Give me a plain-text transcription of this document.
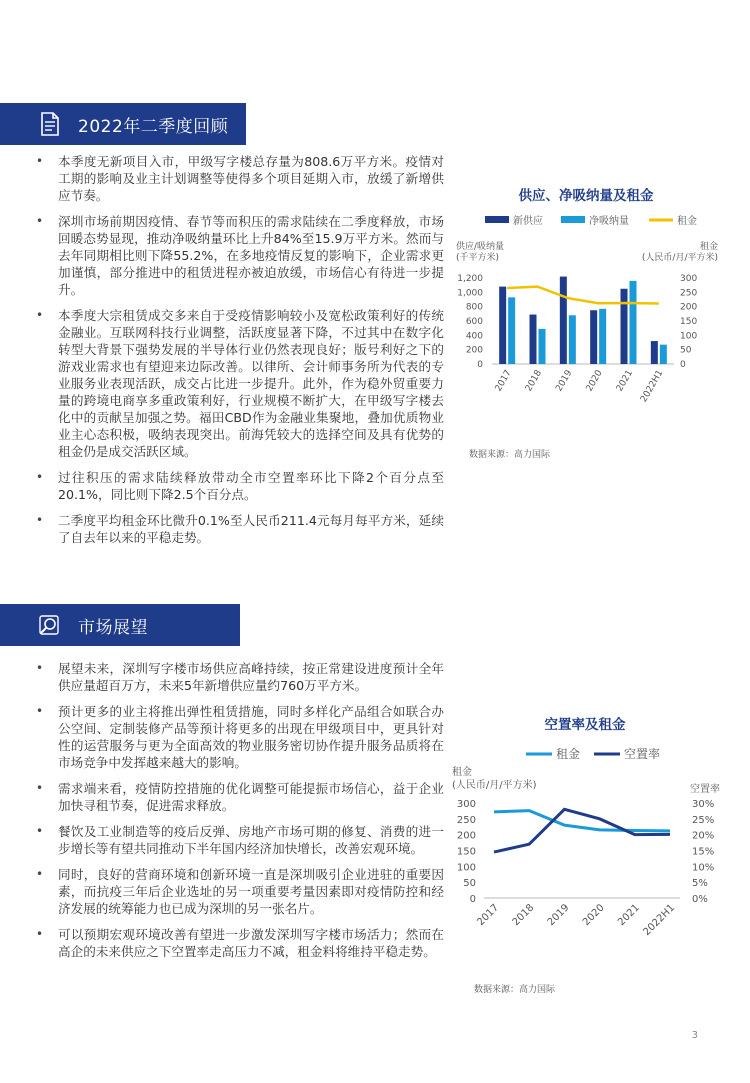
2022年二季度回顾
• 本季度无新项目入市，甲级写字楼总存量为808.6万平方米。疫情对工期的影响及业主计划调整等使得多个项目延期入市，放缓了新增供应节奏。
• 深圳市场前期因疫情、春节等而积压的需求陆续在二季度释放，市场回暖态势显现，推动净吸纳量环比上升84%至15.9万平方米。然而与去年同期相比则下降55.2%，在多地疫情反复的影响下，企业需求更加谨慎，部分推进中的租赁进程亦被迫放缓，市场信心有待进一步提升。
• 本季度大宗租赁成交多来自于受疫情影响较小及宽松政策利好的传统金融业。互联网科技行业调整，活跃度显著下降，不过其中在数字化转型大背景下强势发展的半导体行业仍然表现良好；版号利好之下的游戏业需求也有望迎来边际改善。以律所、会计师事务所为代表的专业服务业表现活跃，成交占比进一步提升。此外，作为稳外贸重要力量的跨境电商享多重政策利好，行业规模不断扩大，在甲级写字楼去化中的贡献呈加强之势。福田CBD作为金融业集聚地，叠加优质物业业主心态积极，吸纳表现突出。前海凭较大的选择空间及具有优势的租金仍是成交活跃区域。
• 过往积压的需求陆续释放带动全市空置率环比下降2个百分点至20.1%，同比则下降2.5个百分点。
• 二季度平均租金环比微升0.1%至人民币211.4元每月每平方米，延续了自去年以来的平稳走势。
供应、净吸纳量及租金
新供应	净吸纳量	租金
供应/吸纳量
(千平方米)
租金
(人民币/月/平方米)
0
200
400
600
800
1,000
1,200
0
50
100
150
200
250
300
2017 2018 2019 2020 2021 2022H1
数据来源：高力国际
市场展望
• 展望未来，深圳写字楼市场供应高峰持续，按正常建设进度预计全年供应量超百万方，未来5年新增供应量约760万平方米。
• 预计更多的业主将推出弹性租赁措施，同时多样化产品组合如联合办公空间、定制装修产品等预计将更多的出现在甲级项目中，更具针对性的运营服务与更为全面高效的物业服务密切协作提升服务品质将在市场竞争中发挥越来越大的影响。
• 需求端来看，疫情防控措施的优化调整可能提振市场信心，益于企业加快寻租节奏，促进需求释放。
• 餐饮及工业制造等的疫后反弹、房地产市场可期的修复、消费的进一步增长等有望共同推动下半年国内经济加快增长，改善宏观环境。
• 同时，良好的营商环境和创新环境一直是深圳吸引企业进驻的重要因素，而抗疫三年后企业选址的另一项重要考量因素即对疫情防控和经济发展的统筹能力也已成为深圳的另一张名片。
• 可以预期宏观环境改善有望进一步激发深圳写字楼市场活力；然而在高企的未来供应之下空置率走高压力不减，租金料将维持平稳走势。
空置率及租金
租金	空置率
租金
(人民币/月/平方米)	空置率
0
50
100
150
200
250
300
0%
5%
10%
15%
20%
25%
30%
2017 2018 2019 2020 2021 2022H1
数据来源：高力国际
3
